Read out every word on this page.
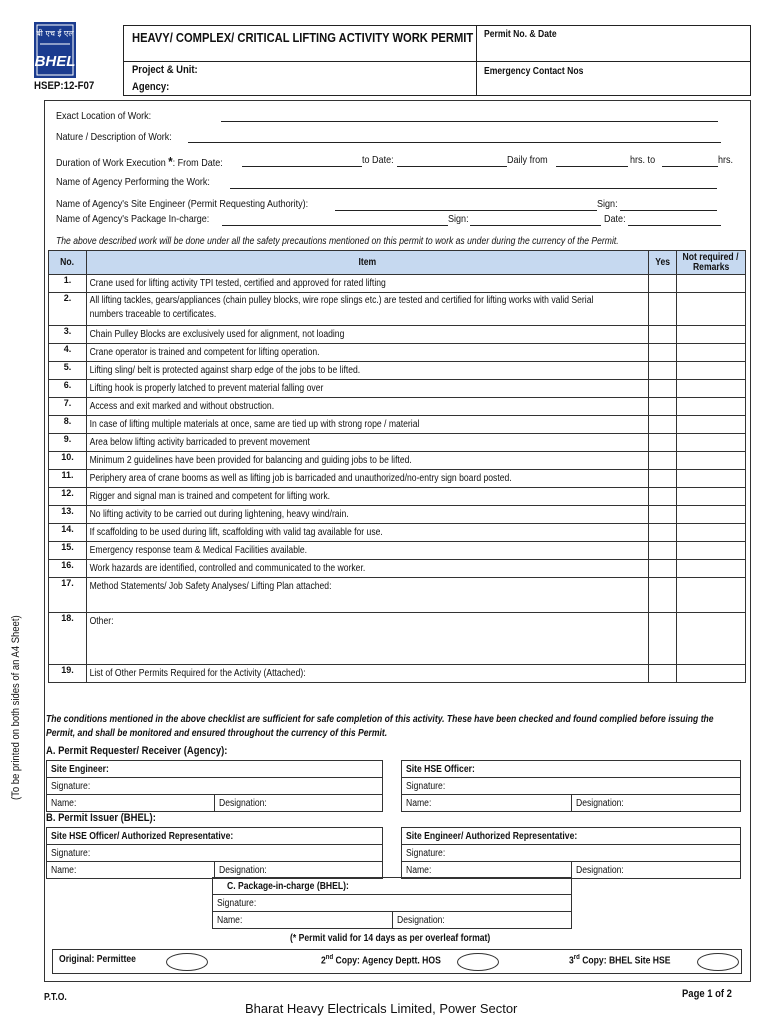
बी एच ई एल
BHEL
HSEP:12-F07
HEAVY/ COMPLEX/ CRITICAL LIFTING ACTIVITY WORK PERMIT Permit No. & Date
Project & Unit:
Agency:
Emergency Contact Nos
Exact Location of Work:
Nature / Description of Work:
Duration of Work Execution *: From Date:	to Date:	Daily from	hrs. to	hrs.
Name of Agency Performing the Work:
Name of Agency's Site Engineer (Permit Requesting Authority):	Sign:
Name of Agency's Package In-charge:	Sign:	Date:
The above described work will be done under all the safety precautions mentioned on this permit to work as under during the currency of the Permit.
No.	Item	Yes	Not required /
Remarks
1.	Crane used for lifting activity TPI tested, certified and approved for rated lifting		

2.	All lifting tackles, gears/appliances (chain pulley blocks, wire rope slings etc.) are tested and certified for lifting works with valid Serial numbers traceable to certificates.		

3.	Chain Pulley Blocks are exclusively used for alignment, not loading		

4.	Crane operator is trained and competent for lifting operation.		

5.	Lifting sling/ belt is protected against sharp edge of the jobs to be lifted.		

6.	Lifting hook is properly latched to prevent material falling over		

7.	Access and exit marked and without obstruction.		

8.	In case of lifting multiple materials at once, same are tied up with strong rope / material		

9.	Area below lifting activity barricaded to prevent movement		

10.	Minimum 2 guidelines have been provided for balancing and guiding jobs to be lifted.		

11.	Periphery area of crane booms as well as lifting job is barricaded and unauthorized/no-entry sign board posted.		

12.	Rigger and signal man is trained and competent for lifting work.		

13.	No lifting activity to be carried out during lightening, heavy wind/rain.		

14.	If scaffolding to be used during lift, scaffolding with valid tag available for use.		

15.	Emergency response team & Medical Facilities available.		

16.	Work hazards are identified, controlled and communicated to the worker.		

17.	Method Statements/ Job Safety Analyses/ Lifting Plan attached:		

18.	Other:		

19.	List of Other Permits Required for the Activity (Attached):		

The conditions mentioned in the above checklist are sufficient for safe completion of this activity. These have been checked and found complied before issuing the
Permit, and shall be monitored and ensured throughout the currency of this Permit.
A. Permit Requester/ Receiver (Agency):
Site Engineer:
Signature:
Name:	Designation:
Site HSE Officer:
Signature:
Name:	Designation:
B. Permit Issuer (BHEL):
Site HSE Officer/ Authorized Representative:
Signature:
Name:	Designation:
Site Engineer/ Authorized Representative:
Signature:
Name:	Designation:
C. Package-in-charge (BHEL):
Signature:
Name:	Designation:
(* Permit valid for 14 days as per overleaf format)
Original: Permittee	2nd Copy: Agency Deptt. HOS	3rd Copy: BHEL Site HSE
(To be printed on both sides of an A4 Sheet)
P.T.O.	Page 1 of 2
Bharat Heavy Electricals Limited, Power Sector
